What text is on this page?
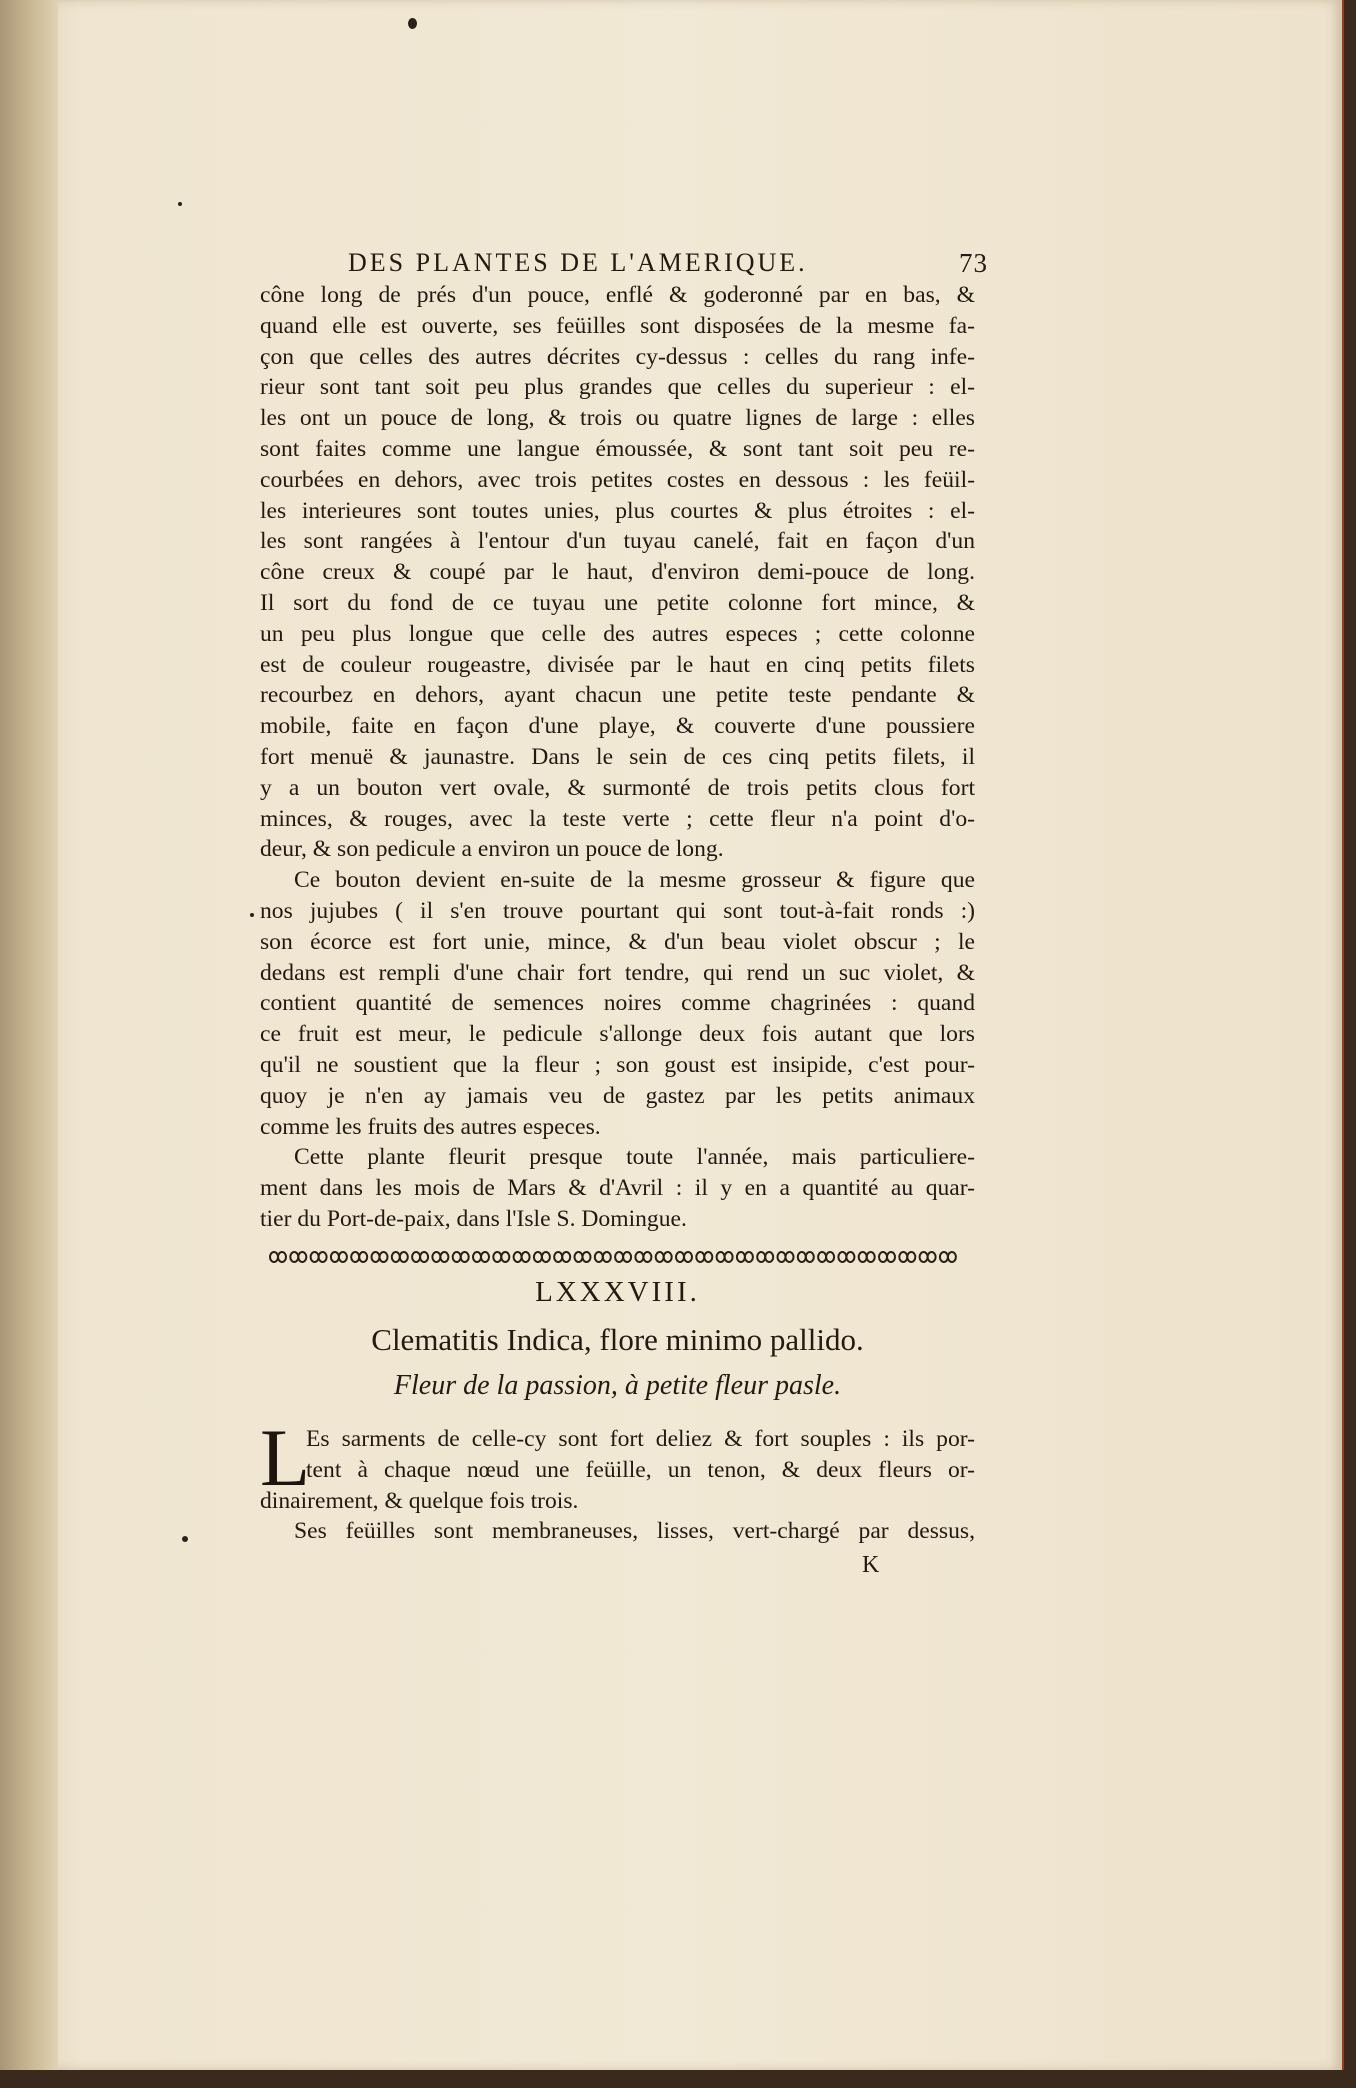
DES PLANTES DE L'AMERIQUE.	73
cône long de prés d'un pouce, enflé & goderonné par en bas, &
quand elle est ouverte, ses feüilles sont disposées de la mesme fa-
çon que celles des autres décrites cy-dessus : celles du rang infe-
rieur sont tant soit peu plus grandes que celles du superieur : el-
les ont un pouce de long, & trois ou quatre lignes de large : elles
sont faites comme une langue émoussée, & sont tant soit peu re-
courbées en dehors, avec trois petites costes en dessous : les feüil-
les interieures sont toutes unies, plus courtes & plus étroites : el-
les sont rangées à l'entour d'un tuyau canelé, fait en façon d'un
cône creux & coupé par le haut, d'environ demi-pouce de long.
Il sort du fond de ce tuyau une petite colonne fort mince, &
un peu plus longue que celle des autres especes ; cette colonne
est de couleur rougeastre, divisée par le haut en cinq petits filets
recourbez en dehors, ayant chacun une petite teste pendante &
mobile, faite en façon d'une playe, & couverte d'une poussiere
fort menuë & jaunastre. Dans le sein de ces cinq petits filets, il
y a un bouton vert ovale, & surmonté de trois petits clous fort
minces, & rouges, avec la teste verte ; cette fleur n'a point d'o-
deur, & son pedicule a environ un pouce de long.
Ce bouton devient en-suite de la mesme grosseur & figure que
nos jujubes ( il s'en trouve pourtant qui sont tout-à-fait ronds :)
son écorce est fort unie, mince, & d'un beau violet obscur ; le
dedans est rempli d'une chair fort tendre, qui rend un suc violet, &
contient quantité de semences noires comme chagrinées : quand
ce fruit est meur, le pedicule s'allonge deux fois autant que lors
qu'il ne soustient que la fleur ; son goust est insipide, c'est pour-
quoy je n'en ay jamais veu de gastez par les petits animaux
comme les fruits des autres especes.
Cette plante fleurit presque toute l'année, mais particuliere-
ment dans les mois de Mars & d'Avril : il y en a quantité au quar-
tier du Port-de-paix, dans l'Isle S. Domingue.
LXXXVIII.
Clematitis Indica, flore minimo pallido.
Fleur de la passion, à petite fleur pasle.
L
Es sarments de celle-cy sont fort deliez & fort souples : ils por-
tent à chaque nœud une feüille, un tenon, & deux fleurs or-
dinairement, & quelque fois trois.
Ses feüilles sont membraneuses, lisses, vert-chargé par dessus,
K
